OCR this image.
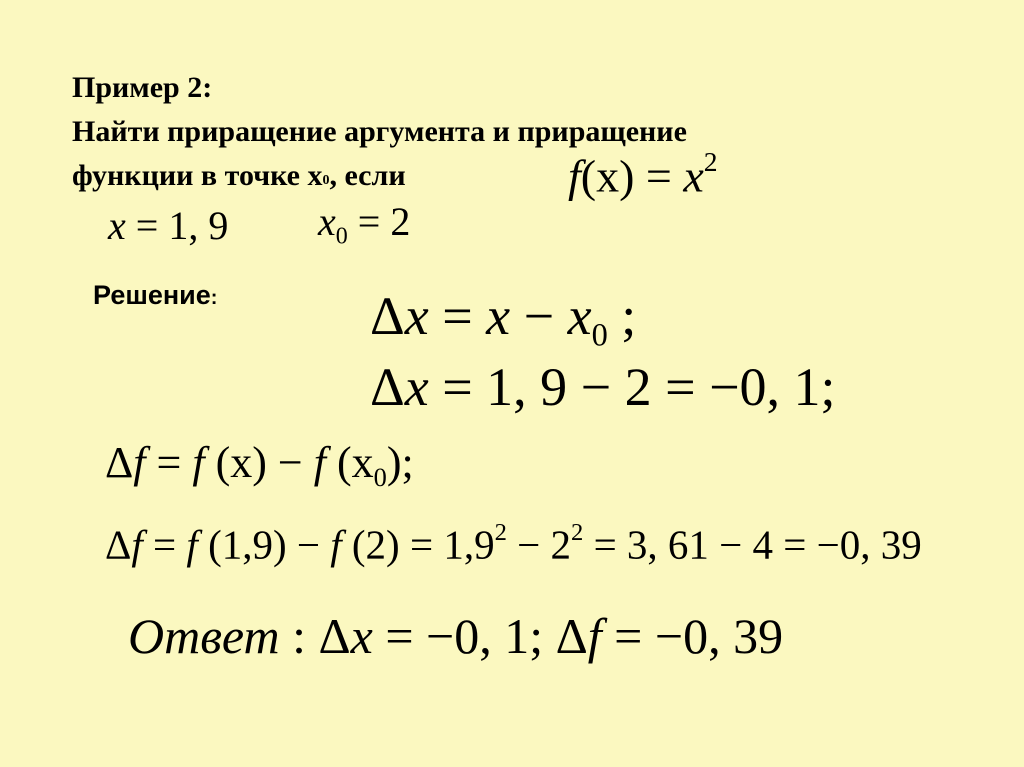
Пример 2:
Найти приращение аргумента и приращение
функции в точке x0, если	$f(x) = x^2$
x = 1, 9 $x_0 = 2$
Решение:	$\Delta x = x - x_0$ ;
Δx = 1, 9 − 2 = −0, 1;
Δf = f (x) − f $(x_0)$;
Δf = f (1,9) − f $(2) = 1,9^2 - 2^2 = 3$, 61 − 4 = −0, 39
Ответ : Δx = −0, 1; Δf = −0, 39
